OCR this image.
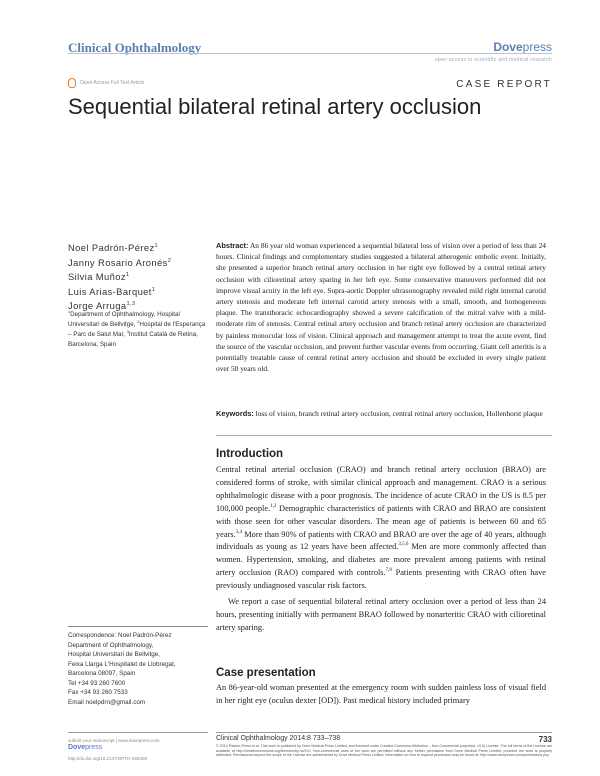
Clinical Ophthalmology	Dovepress
open access to scientific and medical research
Open Access Full Text Article	CASE REPORT
Sequential bilateral retinal artery occlusion
Noel Padrón-Pérez$^1$
Janny Rosario Aronés$^2$
Silvia Muñoz$^1$
Luis Arias-Barquet$^1$
Jorge Arruga$^{1,3}$
$^1$Department of Ophthalmology, Hospital Universitari de Bellvitge, $^2$Hospital de l'Esperança – Parc de Salut Mar, $^3$Institut Català de Retina, Barcelona, Spain
Abstract: An 86 year old woman experienced a sequential bilateral loss of vision over a period of less than 24 hours. Clinical findings and complementary studies suggested a bilateral atherogenic embolic event. Initially, she presented a superior branch retinal artery occlusion in her right eye followed by a central retinal artery occlusion with cilioretinal artery sparing in her left eye. Some conservative maneuvers performed did not improve visual acuity in the left eye. Supra-aortic Doppler ultrasonography revealed mild right internal carotid artery stenosis and moderate left internal carotid artery stenosis with a small, smooth, and homogeneous plaque. The transthoracic echocardiography showed a severe calcification of the mitral valve with a mild-moderate rim of stenosis. Central retinal artery occlusion and branch retinal artery occlusion are characterized by painless monocular loss of vision. Clinical approach and management attempt to treat the acute event, find the source of the vascular occlusion, and prevent further vascular events from occurring. Giant cell arteritis is a potentially treatable cause of central retinal artery occlusion and should be excluded in every single patient over 50 years old.
Keywords: loss of vision, branch retinal artery occlusion, central retinal artery occlusion, Hollenhorst plaque
Introduction

Central retinal arterial occlusion (CRAO) and branch retinal artery occlusion (BRAO) are considered forms of stroke, with similar clinical approach and management. CRAO is a serious ophthalmologic disease with a poor prognosis. The incidence of acute CRAO in the US is 8.5 per 100,000 people.$^{1,2}$ Demographic characteristics of patients with CRAO and BRAO are consistent with those seen for other vascular disorders. The mean age of patients is between 60 and 65 years.$^{3,4}$ More than 90% of patients with CRAO and BRAO are over the age of 40 years, although individuals as young as 12 years have been affected.$^{3,5,6}$ Men are more commonly affected than women. Hypertension, smoking, and diabetes are more prevalent among patients with retinal artery occlusion (RAO) compared with controls.$^{7,8}$ Patients presenting with CRAO often have previously undiagnosed vascular risk factors.

We report a case of sequential bilateral retinal artery occlusion over a period of less than 24 hours, presenting initially with permanent BRAO followed by nonarteritic CRAO with cilioretinal artery sparing.

Case presentation

An 86-year-old woman presented at the emergency room with sudden painless loss of visual field in her right eye (oculus dexter [OD]). Past medical history included primary

Correspondence: Noel Padrón-Pérez
Department of Ophthalmology,
Hospital Universitari de Bellvitge,
Feixa Llarga L'Hospitalet de Llobregat,
Barcelona 08097, Spain
Tel +34 93 260 7600
Fax +34 93 260 7533
Email noelpdrn@gmail.com
submit your manuscript | www.dovepress.com
Dovepress
http://dx.doi.org/10.2147/OPTH.S58408
Clinical Ophthalmology 2014:8 733–738	733
© 2014 Padrón-Pérez et al. This work is published by Dove Medical Press Limited, and licensed under Creative Commons Attribution – Non Commercial (unported, v3.0) License. The full terms of the License are available at http://creativecommons.org/licenses/by-nc/3.0/. Non-commercial uses of the work are permitted without any further permission from Dove Medical Press Limited, provided the work is properly attributed. Permissions beyond the scope of the License are administered by Dove Medical Press Limited. Information on how to request permission may be found at: http://www.dovepress.com/permissions.php
